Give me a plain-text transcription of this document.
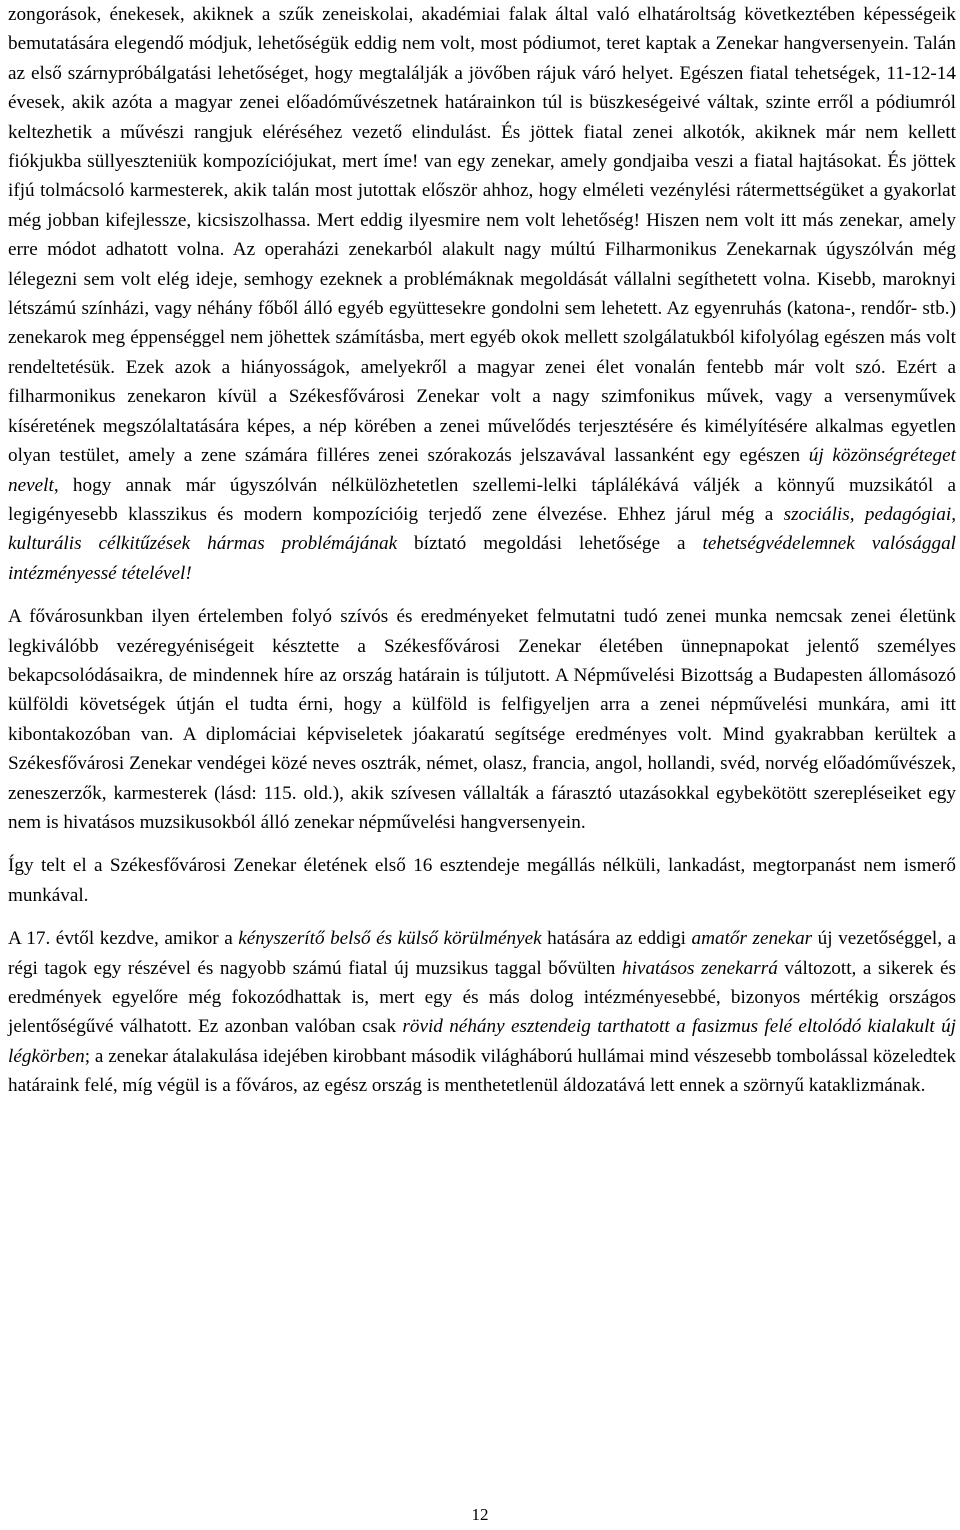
zongorások, énekesek, akiknek a szűk zeneiskolai, akadémiai falak által való elhatároltság következtében képességeik bemutatására elegendő módjuk, lehetőségük eddig nem volt, most pódiumot, teret kaptak a Zenekar hangversenyein. Talán az első szárnypróbálgatási lehetőséget, hogy megtalálják a jövőben rájuk váró helyet. Egészen fiatal tehetségek, 11-12-14 évesek, akik azóta a magyar zenei előadóművészetnek határainkon túl is büszkeségeivé váltak, szinte erről a pódiumról keltezhetik a művészi rangjuk eléréséhez vezető elindulást. És jöttek fiatal zenei alkotók, akiknek már nem kellett fiókjukba süllyeszteniük kompozíciójukat, mert íme! van egy zenekar, amely gondjaiba veszi a fiatal hajtásokat. És jöttek ifjú tolmácsoló karmesterek, akik talán most jutottak először ahhoz, hogy elméleti vezénylési rátermettségüket a gyakorlat még jobban kifejlessze, kicsiszolhassa. Mert eddig ilyesmire nem volt lehetőség! Hiszen nem volt itt más zenekar, amely erre módot adhatott volna. Az operaházi zenekarból alakult nagy múltú Filharmonikus Zenekarnak úgyszólván még lélegezni sem volt elég ideje, semhogy ezeknek a problémáknak megoldását vállalni segíthetett volna. Kisebb, maroknyi létszámú színházi, vagy néhány főből álló egyéb együttesekre gondolni sem lehetett. Az egyenruhás (katona-, rendőr- stb.) zenekarok meg éppenséggel nem jöhettek számításba, mert egyéb okok mellett szolgálatukból kifolyólag egészen más volt rendeltetésük. Ezek azok a hiányosságok, amelyekről a magyar zenei élet vonalán fentebb már volt szó. Ezért a filharmonikus zenekaron kívül a Székesfővárosi Zenekar volt a nagy szimfonikus művek, vagy a versenyművek kíséretének megszólaltatására képes, a nép körében a zenei művelődés terjesztésére és kimélyítésére alkalmas egyetlen olyan testület, amely a zene számára filléres zenei szórakozás jelszavával lassanként egy egészen új közönségréteget nevelt, hogy annak már úgyszólván nélkülözhetetlen szellemi-lelki táplálékává váljék a könnyű muzsikától a legigényesebb klasszikus és modern kompozícióig terjedő zene élvezése. Ehhez járul még a szociális, pedagógiai, kulturális célkitűzések hármas problémájának bíztató megoldási lehetősége a tehetségvédelemnek valósággal intézményessé tételével!

A fővárosunkban ilyen értelemben folyó szívós és eredményeket felmutatni tudó zenei munka nemcsak zenei életünk legkiválóbb vezéregyéniségeit késztette a Székesfővárosi Zenekar életében ünnepnapokat jelentő személyes bekapcsolódásaikra, de mindennek híre az ország határain is túljutott. A Népművelési Bizottság a Budapesten állomásozó külföldi követségek útján el tudta érni, hogy a külföld is felfigyeljen arra a zenei népművelési munkára, ami itt kibontakozóban van. A diplomáciai képviseletek jóakaratú segítsége eredményes volt. Mind gyakrabban kerültek a Székesfővárosi Zenekar vendégei közé neves osztrák, német, olasz, francia, angol, hollandi, svéd, norvég előadóművészek, zeneszerzők, karmesterek (lásd: 115. old.), akik szívesen vállalták a fárasztó utazásokkal egybekötött szerepléseiket egy nem is hivatásos muzsikusokból álló zenekar népművelési hangversenyein.

Így telt el a Székesfővárosi Zenekar életének első 16 esztendeje megállás nélküli, lankadást, megtorpanást nem ismerő munkával.

A 17. évtől kezdve, amikor a kényszerítő belső és külső körülmények hatására az eddigi amatőr zenekar új vezetőséggel, a régi tagok egy részével és nagyobb számú fiatal új muzsikus taggal bővülten hivatásos zenekarrá változott, a sikerek és eredmények egyelőre még fokozódhattak is, mert egy és más dolog intézményesebbé, bizonyos mértékig országos jelentőségűvé válhatott. Ez azonban valóban csak rövid néhány esztendeig tarthatott a fasizmus felé eltolódó kialakult új légkörben; a zenekar átalakulása idejében kirobbant második világháború hullámai mind vészesebb tombolással közeledtek határaink felé, míg végül is a főváros, az egész ország is menthetetlenül áldozatává lett ennek a szörnyű kataklizmának.

12
